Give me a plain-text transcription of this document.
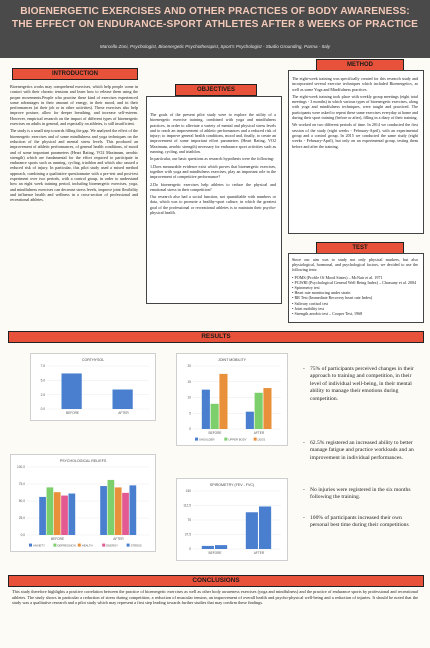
BIOENERGETIC EXERCISES AND OTHER PRACTICES OF BODY AWARENESS:
THE EFFECT ON ENDURANCE-SPORT ATHLETES AFTER 8 WEEKS OF PRACTICE
Marcello Zoni, Psychologist, Bioenergetic Psychotherapist, Sport's Psychologist - Studio Grounding, Parma - Italy
INTRODUCTION

Bioenergetics works may comprehend exercises, which help people come in contact with their chronic tensions and learn how to release them using the proper movements.People who practise these kind of exercises experienced some advantages in their amount of energy, in their mood, and in their performances (at their job or in other activities). These exercises also help improve posture, allow for deeper breathing, and increase self-esteem. However, empirical research on the impact of different types of bioenergetic exercises on adults in general, and especially on athletes, is still insufficient.

The study is a small step towards filling the gap. We analyzed the effect of the bioenergetic exercises and of some mindfulness and yoga techniques on the reduction of the physical and mental stress levels. This produced an improvement of athletic performances, of general health conditions, of mood and of some important parameters (Heart Rating, VO2 Maximum, aerobic strength) which are fundamental for the effort required to participate in endurance sports such as running, cycling, triathlon and which also caused a reduced risk of injury. In particular, this pilot study used a mixed method approach, combining a qualitative questionnaire with a pre-test and post-test experiment over two periods, with a control group, in order to understand how an eight week training period, including bioenergetic exercises, yoga, and mindfulness exercises can decrease stress levels, improve joint flexibility and influence health and wellness in a cross-section of professional and recreational athletes.

OBJECTIVES

The goals of the present pilot study were to explore the utility of a bioenergetic exercise training, combined with yoga and mindfulness practices, in order to alleviate a variety of mental and physical stress levels and to reach an improvement of athletic performances and a reduced risk of injury; to improve general health conditions, mood and, finally, to create an improvement of some important effort parameters (Heart Rating, VO2 Maximum, aerobic strength) necessary for endurance sport activities such as running, cycling, and triathlon.

In particular, our basic questions as research hypothesis were the following:

1.Does measurable evidence exist which proves that bioenergetic exercises, together with yoga and mindfulness exercises, play an important role in the improvement of competitive performance?

2.Do bioenergetic exercises help athletes to reduce the physical and emotional stress in their competition?

Our research also had a social function, not quantifiable with numbers or data, which was to promote a healthy-sport culture, in which the greatest goal of the professional or recreational athletes is to maintain their psycho-physical health.

METHOD

The eight-week training was specifically created for this research study and incorporated several exercise techniques which included Bioenergetics, as well as some Yoga and Mindfulness practices.

The eight-week training took place with weekly group meetings (eight total meetings - 3 months) in which various types of bioenergetic exercises, along with yoga and mindfulness techniques, were taught and practiced. The participants were asked to repeat these same exercises everyday at home and during their sport training (before or after), filling in a diary of their training.

We worked on two different periods of time. In 2014 we conducted the first session of the study (eight weeks - February-April), with an experimental group and a control group. In 2015 we conducted the same study (eight weeks - February-April), but only on an experimental group, testing them before and after the training.

TEST

Since our aim was to study not only physical markers, but also physiological, hormonal, and psychological factors, we decided to use the following tests:

• POMS (Profile Of Mood States) – McNair et al. 1971
• PGWBI (Psychological General Well Being Index) – Chassany et al. 2004
• Spirometry test
• Heart rate monitoring under strain
• RR Test (Immediate Recovery heart rate Index)
• Salivary cortisol test
• Joint mobility test
• Strength aerobic test – Cooper Test, 1968
RESULTS
CORTHYSOL
0.0
2.5
5.0
7.5
BEFORE	AFTER
JOINT MOBILITY
0
5
10
15
20
BEFORE	AFTER
SHOULDER	UPPER BODY	LEGS
PSYCHOLOGICAL RELIEFS
0,0
25,0
50,0
75,0
100,0
BEFORE	AFTER
ANXIETY	DEPRESSION HEALTH	ENERGY	STRESS
SPIROMETRY (FEV - FVC)
0
37,5
75
112,5
150
BEFORE	AFTER
- 75% of participants perceived changes in their approach to training and competition, in their level of individual well-being, in their mental ability to manage their emotions during competition.
- 62.5% registered an increased ability to better manage fatigue and practice workloads and an improvement in individual performances.
- No injuries were registered in the six months following the training.
- 100% of participants increased their own personal best time during their competitions
CONCLUSIONS
This study therefore highlights a positive correlation between the practice of bioenergetic exercises as well as other body awareness exercises (yoga and mindfulness) and the practice of endurance sports by professional and recreational athletes. The study shows in particular a reduction of stress during competition, a reduction of muscular tension, an improvement of overall health and psycho-physical well-being and a reduction of injuries. It should be noted that the study was a qualitative research and a pilot study which may represent a first step leading towards further studies that may confirm these findings.
